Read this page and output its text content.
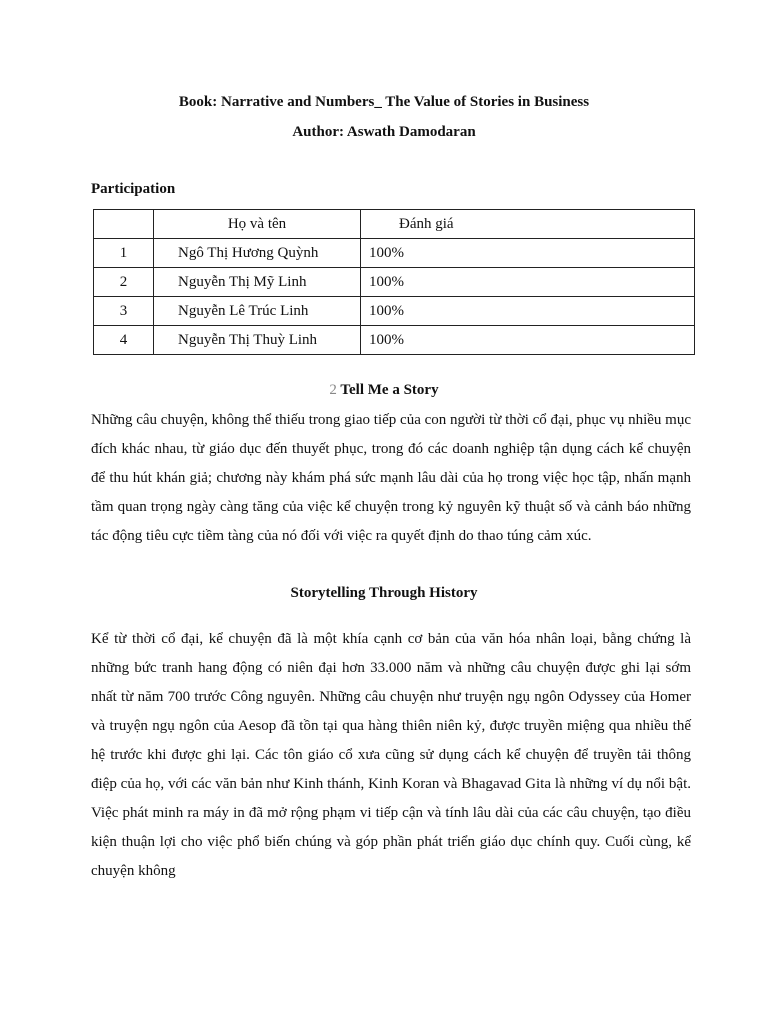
Book: Narrative and Numbers_ The Value of Stories in Business
Author: Aswath Damodaran
Participation
	Họ và tên	Đánh giá
1	Ngô Thị Hương Quỳnh	100%
2	Nguyễn Thị Mỹ Linh	100%
3	Nguyễn Lê Trúc Linh	100%
4	Nguyễn Thị Thuỳ Linh	100%
2 Tell Me a Story

Những câu chuyện, không thể thiếu trong giao tiếp của con người từ thời cổ đại, phục vụ nhiều mục đích khác nhau, từ giáo dục đến thuyết phục, trong đó các doanh nghiệp tận dụng cách kể chuyện để thu hút khán giả; chương này khám phá sức mạnh lâu dài của họ trong việc học tập, nhấn mạnh tầm quan trọng ngày càng tăng của việc kể chuyện trong kỷ nguyên kỹ thuật số và cảnh báo những tác động tiêu cực tiềm tàng của nó đối với việc ra quyết định do thao túng cảm xúc.

Storytelling Through History

Kể từ thời cổ đại, kể chuyện đã là một khía cạnh cơ bản của văn hóa nhân loại, bằng chứng là những bức tranh hang động có niên đại hơn 33.000 năm và những câu chuyện được ghi lại sớm nhất từ năm 700 trước Công nguyên. Những câu chuyện như truyện ngụ ngôn Odyssey của Homer và truyện ngụ ngôn của Aesop đã tồn tại qua hàng thiên niên kỷ, được truyền miệng qua nhiều thế hệ trước khi được ghi lại. Các tôn giáo cổ xưa cũng sử dụng cách kể chuyện để truyền tải thông điệp của họ, với các văn bản như Kinh thánh, Kinh Koran và Bhagavad Gita là những ví dụ nổi bật. Việc phát minh ra máy in đã mở rộng phạm vi tiếp cận và tính lâu dài của các câu chuyện, tạo điều kiện thuận lợi cho việc phổ biến chúng và góp phần phát triển giáo dục chính quy. Cuối cùng, kể chuyện không
